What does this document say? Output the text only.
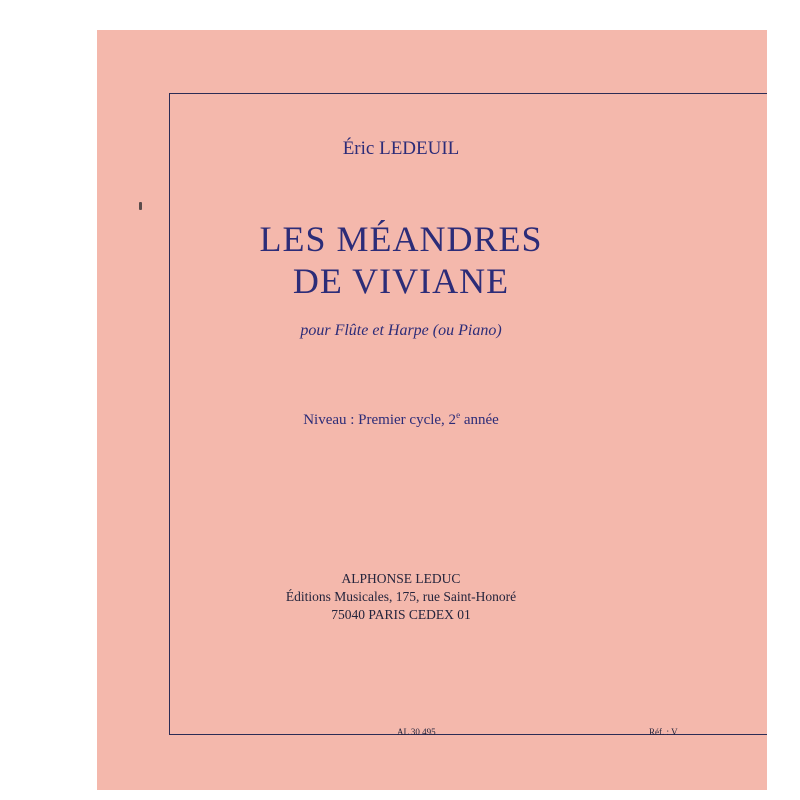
Éric LEDEUIL
LES MÉANDRES
DE VIVIANE
pour Flûte et Harpe (ou Piano)
Niveau : Premier cycle, 2e année
ALPHONSE LEDUC
Éditions Musicales, 175, rue Saint-Honoré
75040 PARIS CEDEX 01
AL 30 495	Réf. : V
